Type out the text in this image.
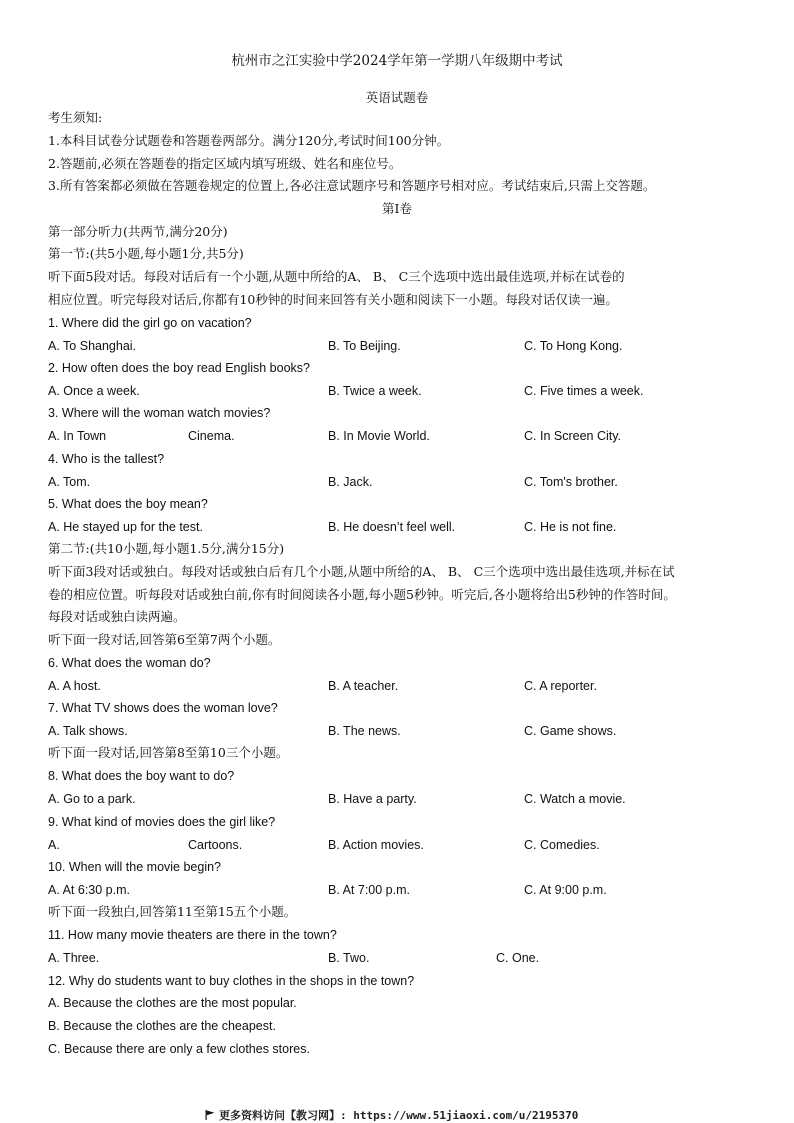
杭州市之江实验中学2024学年第一学期八年级期中考试
英语试题卷
考生须知:
1.本科目试卷分试题卷和答题卷两部分。满分120分,考试时间100分钟。
2.答题前,必须在答题卷的指定区域内填写班级、姓名和座位号。
3.所有答案都必须做在答题卷规定的位置上,各必注意试题序号和答题序号相对应。考试结束后,只需上交答题。
第I卷
第一部分听力(共两节,满分20分)
第一节:(共5小题,每小题1分,共5分)
听下面5段对话。每段对话后有一个小题,从题中所给的A、 B、 C三个选项中选出最佳选项,并标在试卷的
相应位置。听完每段对话后,你都有10秒钟的时间来回答有关小题和阅读下一小题。每段对话仅读一遍。
1. Where did the girl go on vacation?
A. To Shanghai.	B. To Beijing.	C. To Hong Kong.
2. How often does the boy read English books?
A. Once a week.	B. Twice a week.	C. Five times a week.
3. Where will the woman watch movies?
A. In Town	Cinema.	B. In Movie World.	C. In Screen City.
4. Who is the tallest?
A. Tom.	B. Jack.	C. Tom's brother.
5. What does the boy mean?
A. He stayed up for the test.	B. He doesn’t feel well.	C. He is not fine.
第二节:(共10小题,每小题1.5分,满分15分)
听下面3段对话或独白。每段对话或独白后有几个小题,从题中所给的A、 B、 C三个选项中选出最佳选项,并标在试
卷的相应位置。听每段对话或独白前,你有时间阅读各小题,每小题5秒钟。听完后,各小题将给出5秒钟的作答时间。
每段对话或独白读两遍。
听下面一段对话,回答第6至第7两个小题。
6. What does the woman do?
A. A host.	B. A teacher.	C. A reporter.
7. What TV shows does the woman love?
A. Talk shows.	B. The news.	C. Game shows.
听下面一段对话,回答第8至第10三个小题。
8. What does the boy want to do?
A. Go to a park.	B. Have a party.	C. Watch a movie.
9. What kind of movies does the girl like?
A.	Cartoons.	B. Action movies.	C. Comedies.
10. When will the movie begin?
A. At 6:30 p.m.	B. At 7:00 p.m.	C. At 9:00 p.m.
听下面一段独白,回答第11至第15五个小题。
11. How many movie theaters are there in the town?
A. Three.	B. Two.	C. One.
12. Why do students want to buy clothes in the shops in the town?
A. Because the clothes are the most popular.
B. Because the clothes are the cheapest.
C. Because there are only a few clothes stores.
更多资料访问【教习网】: https://www.51jiaoxi.com/u/2195370
